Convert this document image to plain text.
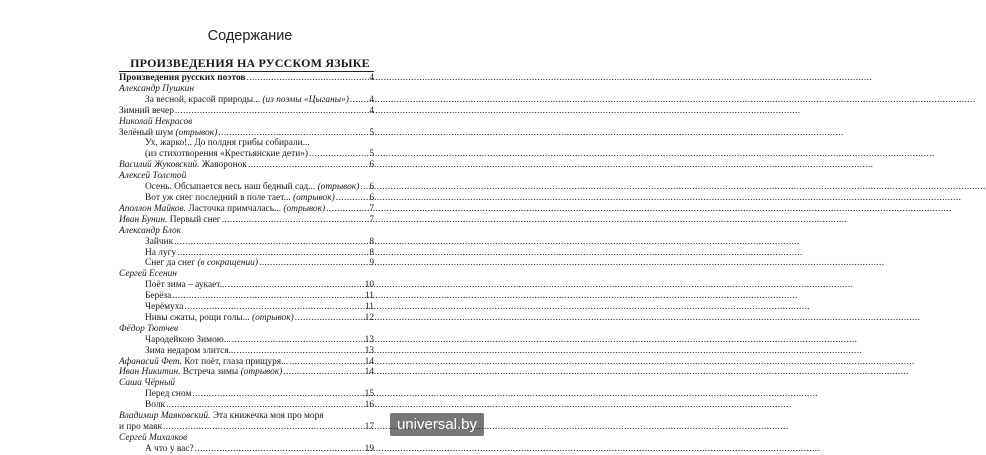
Содержание
ПРОИЗВЕДЕНИЯ НА РУССКОМ ЯЗЫКЕ
Произведения русских поэтов .....	4
Александр Пушкин
За весной, красой природы... (из поэмы «Цыганы») ..... 4
Зимний вечер .....	4
Николай Некрасов
Зелёный шум (отрывок) .....	5
Ух, жарко!.. До полдня грибы собирали...
(из стихотворения «Крестьянские дети») .....	5
Василий Жуковский. Жаворонок .....	6
Алексей Толстой
Осень. Обсыпается весь наш бедный сад... (отрывок) ..... 6
Вот уж снег последний в поле тает... (отрывок) .....	6
Аполлон Майков. Ласточка примчалась... (отрывок) .....	7
Иван Бунин. Первый снег .....	7
Александр Блок
Зайчик .....	8
На лугу .....	8
Снег да снег (в сокращении) .....	9
Сергей Есенин
Поёт зима – аукает... .....	10
Берёза .....	11
Черёмуха .....	11
Нивы сжаты, рощи голы... (отрывок) .....	12
Фёдор Тютчев
Чародейкою Зимою... .....	13
Зима недаром злится... .....	13
Афанасий Фет. Кот поёт, глаза прищуря... .....	14
Иван Никитин. Встреча зимы (отрывок) .....	14
Саша Чёрный
Перед сном .....	15
Волк .....	16
Владимир Маяковский. Эта книжечка моя про моря
и про маяк .....	17
Сергей Михалков
А что у вас? .....	19
universal.by
